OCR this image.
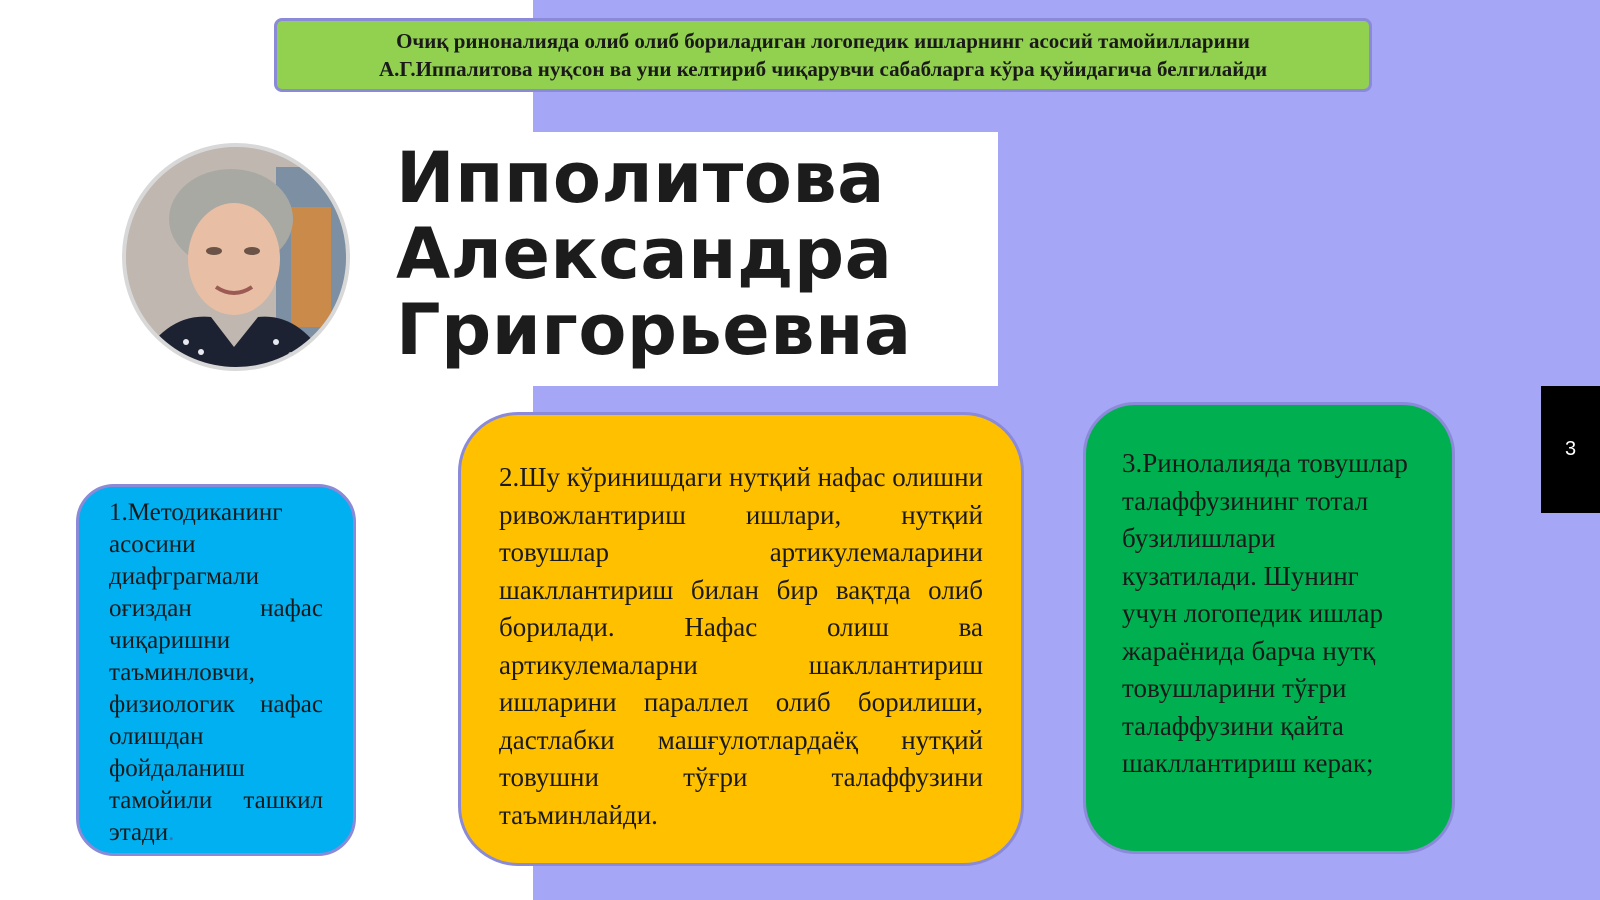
Очиқ риноналияда олиб олиб бориладиган логопедик ишларнинг асосий тамойилларини
А.Г.Иппалитова нуқсон ва уни келтириб чиқарувчи сабабларга кўра қуйидагича белгилайди
Ипполитова
Александра
Григорьевна

1.Методиканинг асосини диафграгмали оғиздан нафас чиқаришни таъминловчи, физиологик нафас олишдан фойдаланиш тамойили ташкил этади.

2.Шу кўринишдаги нутқий нафас олишни ривожлантириш ишлари, нутқий товушлар артикулемаларини шакллантириш билан бир вақтда олиб борилади. Нафас олиш ва артикулемаларни шакллантириш ишларини параллел олиб борилиши, дастлабки машғулотлардаёқ нутқий товушни тўғри талаффузини таъминлайди.

3.Ринолалияда товушлар талаффузининг тотал бузилишлари кузатилади. Шунинг учун логопедик ишлар жараёнида барча нутқ товушларини тўғри талаффузини қайта шакллантириш керак;

3
